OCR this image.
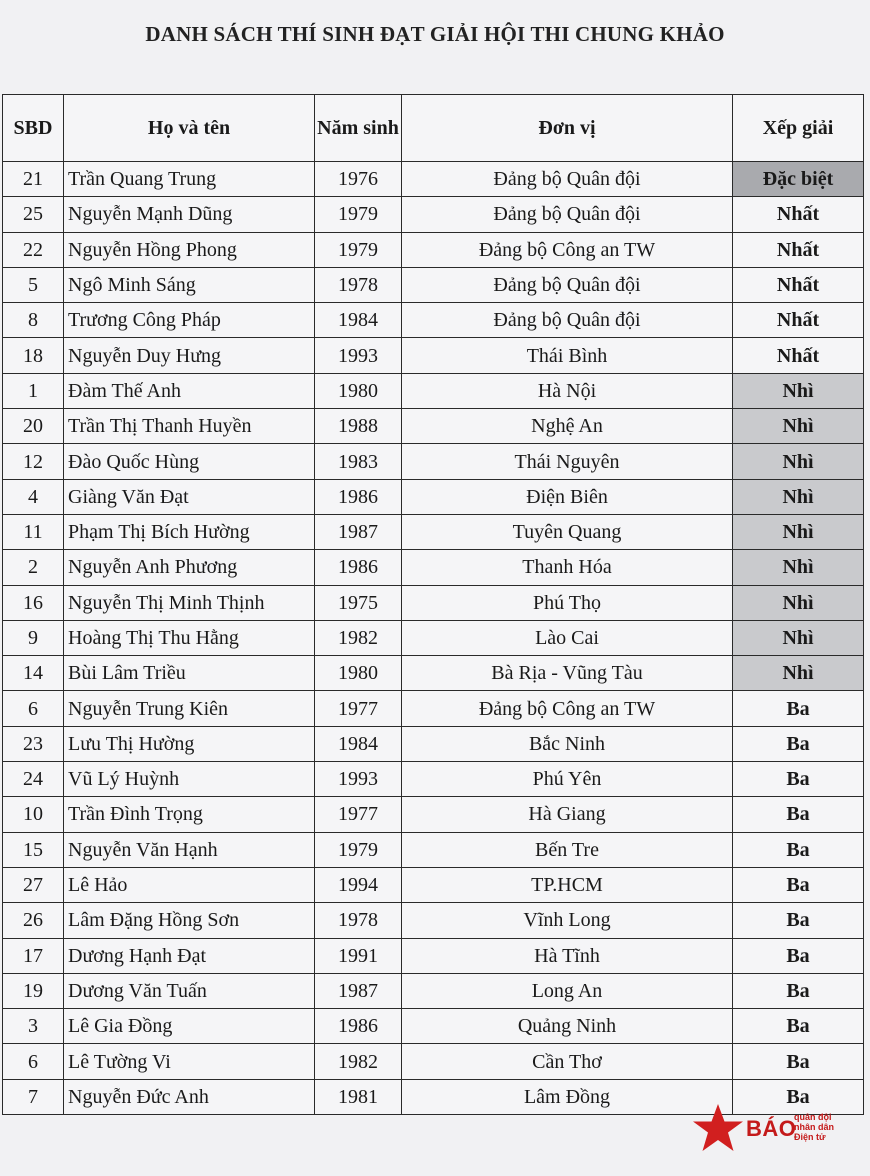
DANH SÁCH THÍ SINH ĐẠT GIẢI HỘI THI CHUNG KHẢO
SBD	Họ và tên	Năm sinh	Đơn vị	Xếp giải
21	Trần Quang Trung	1976	Đảng bộ Quân đội	Đặc biệt
25	Nguyễn Mạnh Dũng	1979	Đảng bộ Quân đội	Nhất
22	Nguyễn Hồng Phong	1979	Đảng bộ Công an TW	Nhất
5	Ngô Minh Sáng	1978	Đảng bộ Quân đội	Nhất
8	Trương Công Pháp	1984	Đảng bộ Quân đội	Nhất
18	Nguyễn Duy Hưng	1993	Thái Bình	Nhất
1	Đàm Thế Anh	1980	Hà Nội	Nhì
20	Trần Thị Thanh Huyền	1988	Nghệ An	Nhì
12	Đào Quốc Hùng	1983	Thái Nguyên	Nhì
4	Giàng Văn Đạt	1986	Điện Biên	Nhì
11	Phạm Thị Bích Hường	1987	Tuyên Quang	Nhì
2	Nguyễn Anh Phương	1986	Thanh Hóa	Nhì
16	Nguyễn Thị Minh Thịnh	1975	Phú Thọ	Nhì
9	Hoàng Thị Thu Hằng	1982	Lào Cai	Nhì
14	Bùi Lâm Triều	1980	Bà Rịa - Vũng Tàu	Nhì
6	Nguyễn Trung Kiên	1977	Đảng bộ Công an TW	Ba
23	Lưu Thị Hường	1984	Bắc Ninh	Ba
24	Vũ Lý Huỳnh	1993	Phú Yên	Ba
10	Trần Đình Trọng	1977	Hà Giang	Ba
15	Nguyễn Văn Hạnh	1979	Bến Tre	Ba
27	Lê Hảo	1994	TP.HCM	Ba
26	Lâm Đặng Hồng Sơn	1978	Vĩnh Long	Ba
17	Dương Hạnh Đạt	1991	Hà Tĩnh	Ba
19	Dương Văn Tuấn	1987	Long An	Ba
3	Lê Gia Đồng	1986	Quảng Ninh	Ba
6	Lê Tường Vi	1982	Cần Thơ	Ba
7	Nguyễn Đức Anh	1981	Lâm Đồng	Ba
BÁO
quân đội
nhân dân
Điện tử
